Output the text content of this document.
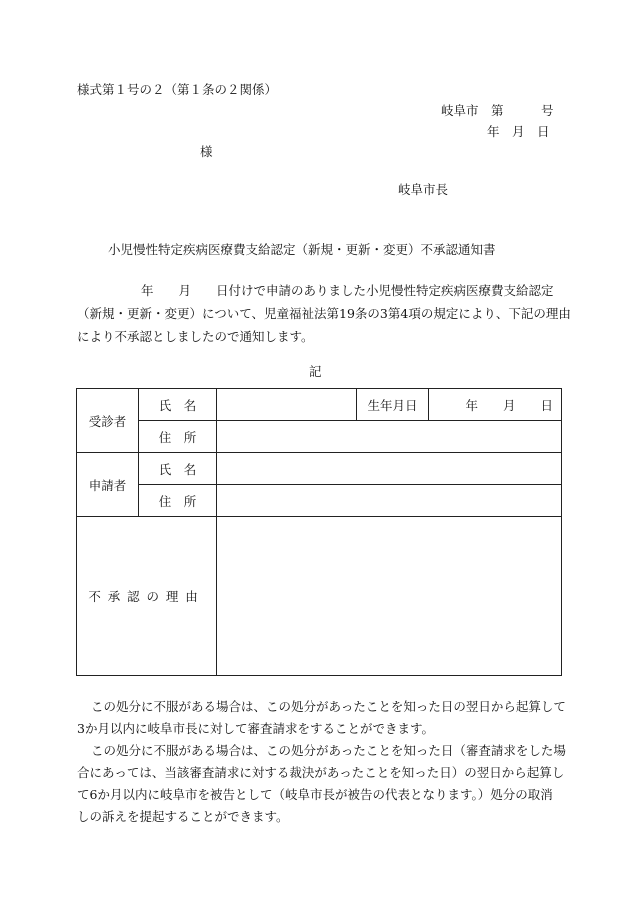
様式第１号の２（第１条の２関係）
岐阜市　第　　　号
年　月　日
様
岐阜市長
小児慢性特定疾病医療費支給認定（新規・更新・変更）不承認通知書
年　　月　　日付けで申請のありました小児慢性特定疾病医療費支給認定
（新規・更新・変更）について、児童福祉法第19条の3第4項の規定により、下記の理由
により不承認としましたので通知します。
記
受診者	氏　名		生年月日	年　　月　　日
	住　所			
申請者	氏　名			
	住　所			
不承認の理由				
この処分に不服がある場合は、この処分があったことを知った日の翌日から起算して
3か月以内に岐阜市長に対して審査請求をすることができます。
この処分に不服がある場合は、この処分があったことを知った日（審査請求をした場
合にあっては、当該審査請求に対する裁決があったことを知った日）の翌日から起算し
て6か月以内に岐阜市を被告として（岐阜市長が被告の代表となります。）処分の取消
しの訴えを提起することができます。
